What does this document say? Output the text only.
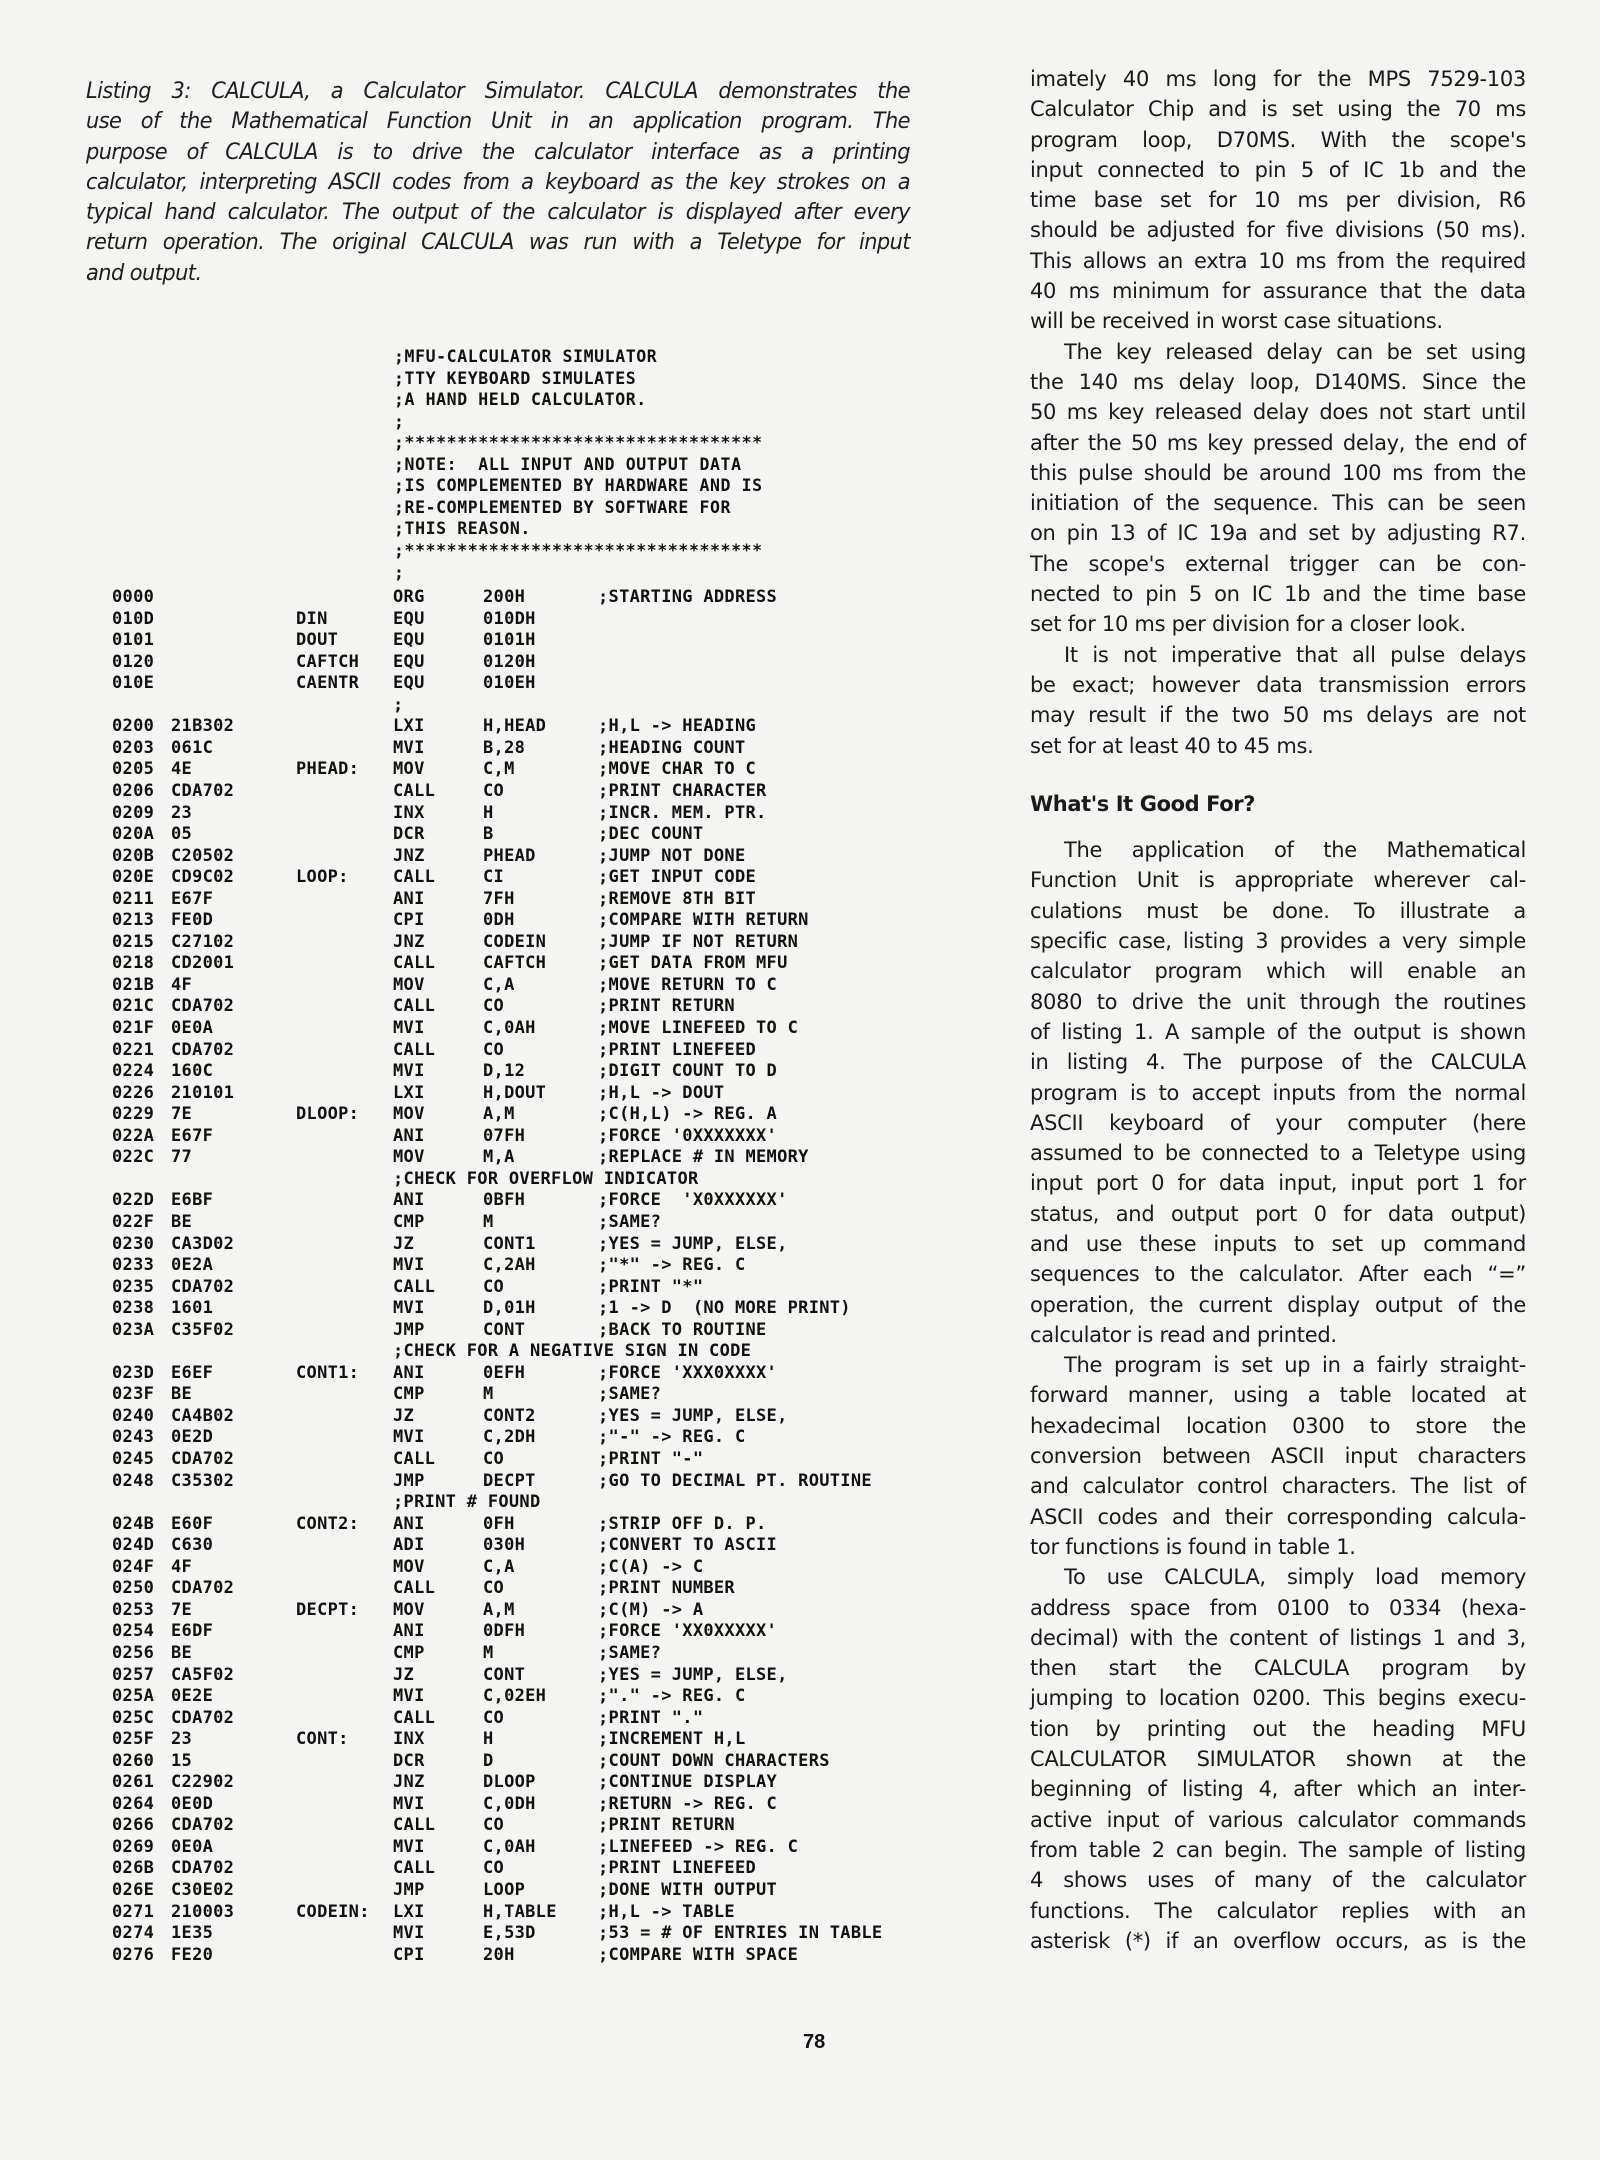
Listing 3: CALCULA, a Calculator Simulator. CALCULA demonstrates the
use of the Mathematical Function Unit in an application program. The
purpose of CALCULA is to drive the calculator interface as a printing
calculator, interpreting ASCII codes from a keyboard as the key strokes on a
typical hand calculator. The output of the calculator is displayed after every
return operation. The original CALCULA was run with a Teletype for input
and output.
;MFU-CALCULATOR SIMULATOR
;TTY KEYBOARD SIMULATES
;A HAND HELD CALCULATOR.
;
;**********************************
;NOTE:  ALL INPUT AND OUTPUT DATA
;IS COMPLEMENTED BY HARDWARE AND IS
;RE-COMPLEMENTED BY SOFTWARE FOR
;THIS REASON.
;**********************************
;
0000	ORG	200H	;STARTING ADDRESS
010D	DIN	EQU	010DH
0101	DOUT	EQU	0101H
0120	CAFTCH EQU	0120H
010E	CAENTR EQU	010EH
;
0200 21B302	LXI	H,HEAD	;H,L -> HEADING
0203 061C	MVI	B,28	;HEADING COUNT
0205 4E	PHEAD: MOV	C,M	;MOVE CHAR TO C
0206 CDA702	CALL	CO	;PRINT CHARACTER
0209 23	INX	H	;INCR. MEM. PTR.
020A 05	DCR	B	;DEC COUNT
020B C20502	JNZ	PHEAD	;JUMP NOT DONE
020E CD9C02	LOOP:	CALL	CI	;GET INPUT CODE
0211 E67F	ANI	7FH	;REMOVE 8TH BIT
0213 FE0D	CPI	0DH	;COMPARE WITH RETURN
0215 C27102	JNZ	CODEIN	;JUMP IF NOT RETURN
0218 CD2001	CALL	CAFTCH	;GET DATA FROM MFU
021B 4F	MOV	C,A	;MOVE RETURN TO C
021C CDA702	CALL	CO	;PRINT RETURN
021F 0E0A	MVI	C,0AH	;MOVE LINEFEED TO C
0221 CDA702	CALL	CO	;PRINT LINEFEED
0224 160C	MVI	D,12	;DIGIT COUNT TO D
0226 210101	LXI	H,DOUT	;H,L -> DOUT
0229 7E	DLOOP: MOV	A,M	;C(H,L) -> REG. A
022A E67F	ANI	07FH	;FORCE '0XXXXXXX'
022C 77	MOV	M,A	;REPLACE # IN MEMORY
;CHECK FOR OVERFLOW INDICATOR
022D E6BF	ANI	0BFH	;FORCE  'X0XXXXXX'
022F BE	CMP	M	;SAME?
0230 CA3D02	JZ	CONT1	;YES = JUMP, ELSE,
0233 0E2A	MVI	C,2AH	;"*" -> REG. C
0235 CDA702	CALL	CO	;PRINT "*"
0238 1601	MVI	D,01H	;1 -> D  (NO MORE PRINT)
023A C35F02	JMP	CONT	;BACK TO ROUTINE
;CHECK FOR A NEGATIVE SIGN IN CODE
023D E6EF	CONT1: ANI	0EFH	;FORCE 'XXX0XXXX'
023F BE	CMP	M	;SAME?
0240 CA4B02	JZ	CONT2	;YES = JUMP, ELSE,
0243 0E2D	MVI	C,2DH	;"-" -> REG. C
0245 CDA702	CALL	CO	;PRINT "-"
0248 C35302	JMP	DECPT	;GO TO DECIMAL PT. ROUTINE
;PRINT # FOUND
024B E60F	CONT2: ANI	0FH	;STRIP OFF D. P.
024D C630	ADI	030H	;CONVERT TO ASCII
024F 4F	MOV	C,A	;C(A) -> C
0250 CDA702	CALL	CO	;PRINT NUMBER
0253 7E	DECPT: MOV	A,M	;C(M) -> A
0254 E6DF	ANI	0DFH	;FORCE 'XX0XXXXX'
0256 BE	CMP	M	;SAME?
0257 CA5F02	JZ	CONT	;YES = JUMP, ELSE,
025A 0E2E	MVI	C,02EH	;"." -> REG. C
025C CDA702	CALL	CO	;PRINT "."
025F 23	CONT:	INX	H	;INCREMENT H,L
0260 15	DCR	D	;COUNT DOWN CHARACTERS
0261 C22902	JNZ	DLOOP	;CONTINUE DISPLAY
0264 0E0D	MVI	C,0DH	;RETURN -> REG. C
0266 CDA702	CALL	CO	;PRINT RETURN
0269 0E0A	MVI	C,0AH	;LINEFEED -> REG. C
026B CDA702	CALL	CO	;PRINT LINEFEED
026E C30E02	JMP	LOOP	;DONE WITH OUTPUT
0271 210003	CODEIN: LXI	H,TABLE ;H,L -> TABLE
0274 1E35	MVI	E,53D	;53 = # OF ENTRIES IN TABLE
0276 FE20	CPI	20H	;COMPARE WITH SPACE

imately 40 ms long for the MPS 7529-103
Calculator Chip and is set using the 70 ms
program loop, D70MS. With the scope's
input connected to pin 5 of IC 1b and the
time base set for 10 ms per division, R6
should be adjusted for five divisions (50 ms).
This allows an extra 10 ms from the required
40 ms minimum for assurance that the data
will be received in worst case situations.

The key released delay can be set using
the 140 ms delay loop, D140MS. Since the
50 ms key released delay does not start until
after the 50 ms key pressed delay, the end of
this pulse should be around 100 ms from the
initiation of the sequence. This can be seen
on pin 13 of IC 19a and set by adjusting R7.
The scope's external trigger can be con-
nected to pin 5 on IC 1b and the time base
set for 10 ms per division for a closer look.

It is not imperative that all pulse delays
be exact; however data transmission errors
may result if the two 50 ms delays are not
set for at least 40 to 45 ms.

What's It Good For?

The application of the Mathematical
Function Unit is appropriate wherever cal-
culations must be done. To illustrate a
specific case, listing 3 provides a very simple
calculator program which will enable an
8080 to drive the unit through the routines
of listing 1. A sample of the output is shown
in listing 4. The purpose of the CALCULA
program is to accept inputs from the normal
ASCII keyboard of your computer (here
assumed to be connected to a Teletype using
input port 0 for data input, input port 1 for
status, and output port 0 for data output)
and use these inputs to set up command
sequences to the calculator. After each “=”
operation, the current display output of the
calculator is read and printed.

The program is set up in a fairly straight-
forward manner, using a table located at
hexadecimal location 0300 to store the
conversion between ASCII input characters
and calculator control characters. The list of
ASCII codes and their corresponding calcula-
tor functions is found in table 1.

To use CALCULA, simply load memory
address space from 0100 to 0334 (hexa-
decimal) with the content of listings 1 and 3,
then start the CALCULA program by
jumping to location 0200. This begins execu-
tion by printing out the heading MFU
CALCULATOR SIMULATOR shown at the
beginning of listing 4, after which an inter-
active input of various calculator commands
from table 2 can begin. The sample of listing
4 shows uses of many of the calculator
functions. The calculator replies with an
asterisk (*) if an overflow occurs, as is the

78
